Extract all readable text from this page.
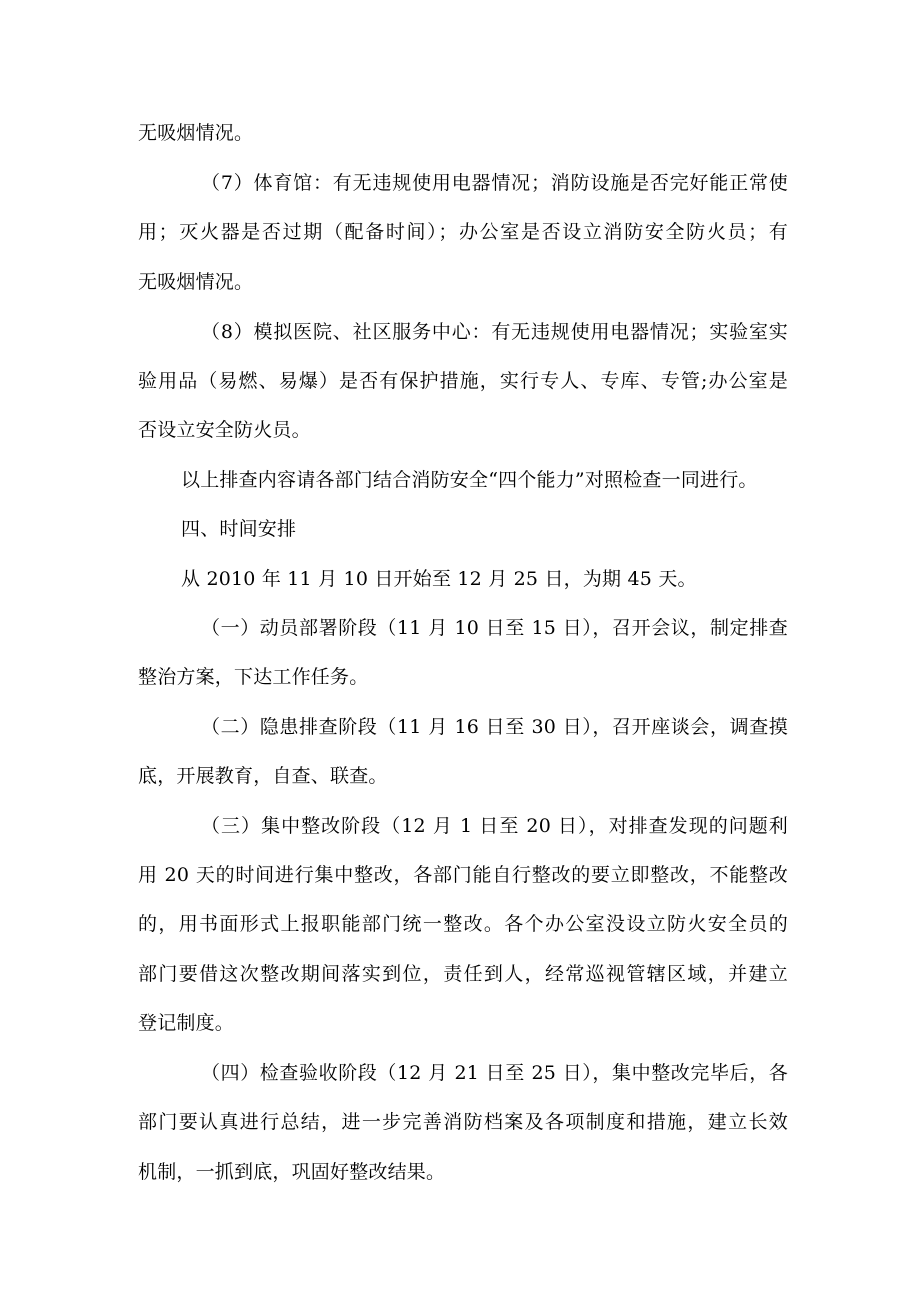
无吸烟情况。
（7）体育馆：有无违规使用电器情况；消防设施是否完好能正常使
用；灭火器是否过期（配备时间）；办公室是否设立消防安全防火员；有
无吸烟情况。
（8）模拟医院、社区服务中心：有无违规使用电器情况；实验室实
验用品（易燃、易爆）是否有保护措施，实行专人、专库、专管;办公室是
否设立安全防火员。
以上排查内容请各部门结合消防安全“四个能力”对照检查一同进行。
四、时间安排
从 2010 年 11 月 10 日开始至 12 月 25 日，为期 45 天。
（一）动员部署阶段（11 月 10 日至 15 日），召开会议，制定排查
整治方案，下达工作任务。
（二）隐患排查阶段（11 月 16 日至 30 日），召开座谈会，调查摸
底，开展教育，自查、联查。
（三）集中整改阶段（12 月 1 日至 20 日），对排查发现的问题利
用 20 天的时间进行集中整改，各部门能自行整改的要立即整改，不能整改
的，用书面形式上报职能部门统一整改。各个办公室没设立防火安全员的
部门要借这次整改期间落实到位，责任到人，经常巡视管辖区域，并建立
登记制度。
（四）检查验收阶段（12 月 21 日至 25 日），集中整改完毕后，各
部门要认真进行总结，进一步完善消防档案及各项制度和措施，建立长效
机制，一抓到底，巩固好整改结果。
